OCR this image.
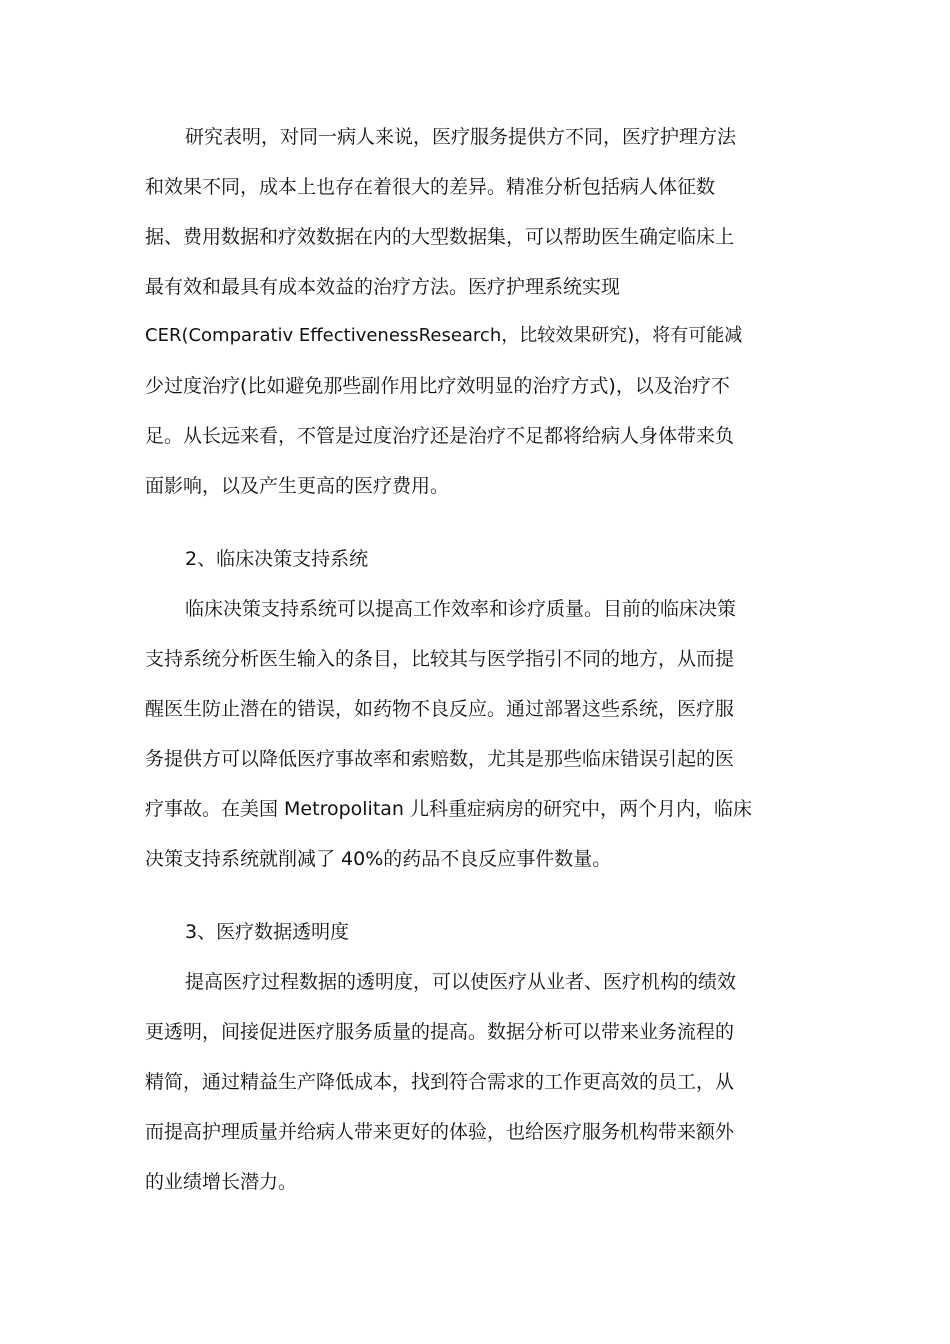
研究表明，对同一病人来说，医疗服务提供方不同，医疗护理方法
和效果不同，成本上也存在着很大的差异。精准分析包括病人体征数
据、费用数据和疗效数据在内的大型数据集，可以帮助医生确定临床上
最有效和最具有成本效益的治疗方法。医疗护理系统实现
CER(Comparativ EffectivenessResearch，比较效果研究)，将有可能减
少过度治疗(比如避免那些副作用比疗效明显的治疗方式)，以及治疗不
足。从长远来看，不管是过度治疗还是治疗不足都将给病人身体带来负
面影响，以及产生更高的医疗费用。
2、临床决策支持系统
临床决策支持系统可以提高工作效率和诊疗质量。目前的临床决策
支持系统分析医生输入的条目，比较其与医学指引不同的地方，从而提
醒医生防止潜在的错误，如药物不良反应。通过部署这些系统，医疗服
务提供方可以降低医疗事故率和索赔数，尤其是那些临床错误引起的医
疗事故。在美国 Metropolitan 儿科重症病房的研究中，两个月内，临床
决策支持系统就削减了 40%的药品不良反应事件数量。
3、医疗数据透明度
提高医疗过程数据的透明度，可以使医疗从业者、医疗机构的绩效
更透明，间接促进医疗服务质量的提高。数据分析可以带来业务流程的
精简，通过精益生产降低成本，找到符合需求的工作更高效的员工，从
而提高护理质量并给病人带来更好的体验，也给医疗服务机构带来额外
的业绩增长潜力。
